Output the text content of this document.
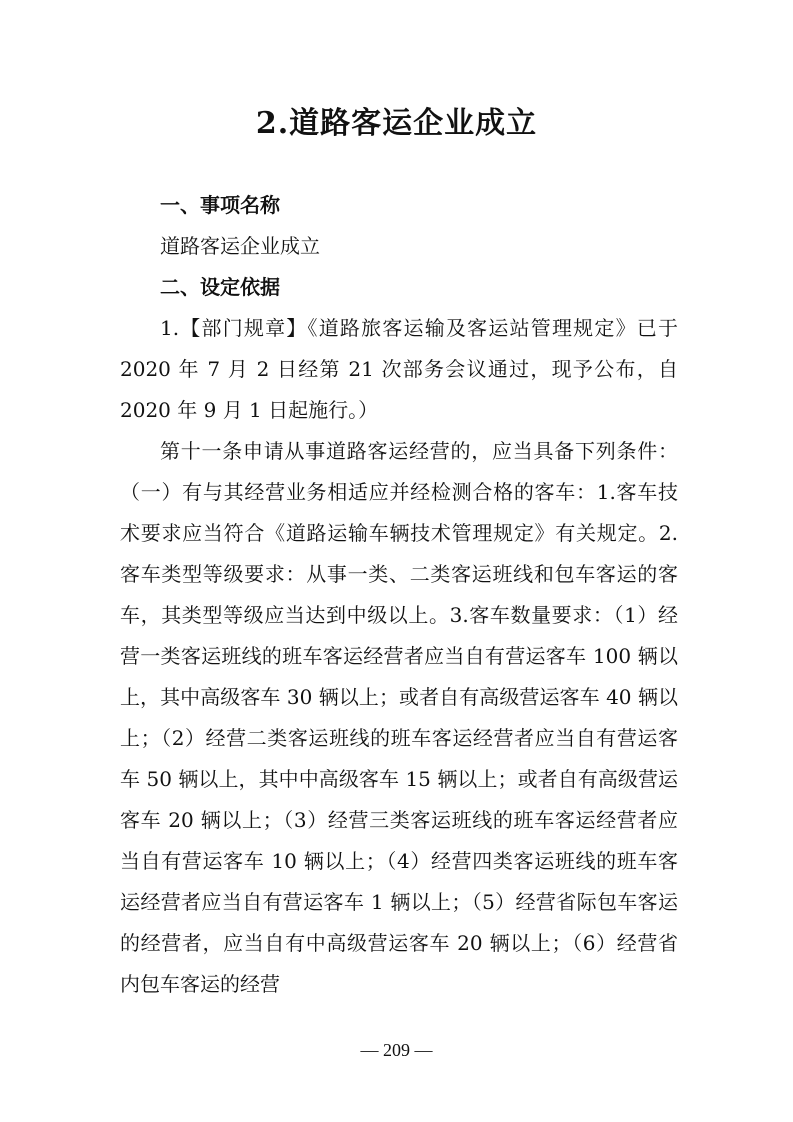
2.道路客运企业成立

一、事项名称

道路客运企业成立

二、设定依据

1.【部门规章】《道路旅客运输及客运站管理规定》已于 2020 年 7 月 2 日经第 21 次部务会议通过，现予公布，自 2020 年 9 月 1 日起施行。）

第十一条申请从事道路客运经营的，应当具备下列条件：（一）有与其经营业务相适应并经检测合格的客车：1.客车技术要求应当符合《道路运输车辆技术管理规定》有关规定。2.客车类型等级要求：从事一类、二类客运班线和包车客运的客车，其类型等级应当达到中级以上。3.客车数量要求：（1）经营一类客运班线的班车客运经营者应当自有营运客车 100 辆以上，其中高级客车 30 辆以上；或者自有高级营运客车 40 辆以上；（2）经营二类客运班线的班车客运经营者应当自有营运客车 50 辆以上，其中中高级客车 15 辆以上；或者自有高级营运客车 20 辆以上；（3）经营三类客运班线的班车客运经营者应当自有营运客车 10 辆以上；（4）经营四类客运班线的班车客运经营者应当自有营运客车 1 辆以上；（5）经营省际包车客运的经营者，应当自有中高级营运客车 20 辆以上；（6）经营省内包车客运的经营

— 209 —
